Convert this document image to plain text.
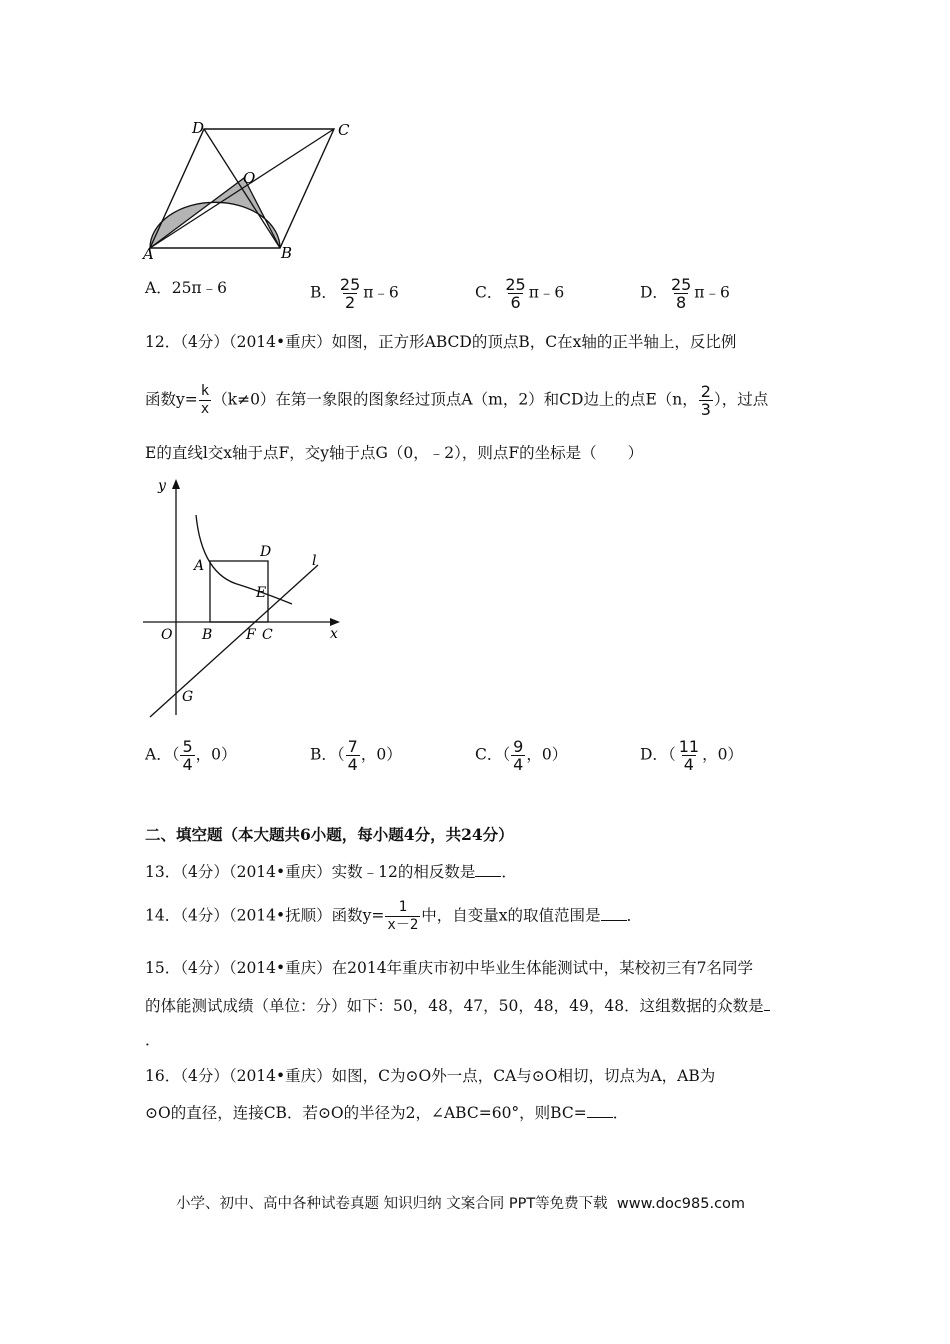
D	C
O
A	B
A．25π﹣6	B． $\frac{25}{2}$ π﹣6	C． $\frac{25}{6}$ π﹣6	D． $\frac{25}{8}$ π﹣6
12．（4分）（2014•重庆）如图，正方形ABCD的顶点B，C在x轴的正半轴上，反比例
函数$y= \frac{k}{x} (k\ne 0)$在第一象限的图象经过顶点A（m，2）和CD边上的点E（n， $\frac{2}{3}$ ），过点
E的直线l交x轴于点F，交y轴于点G（0，﹣2），则点F的坐标是（　　）
y
x
O
A
B
D
E
F C
G
l
A．（ $\frac{5}{4}$ ，0）	B．（ $\frac{7}{4}$ ，0）	C．（ $\frac{9}{4}$ ，0）	D．（ $\frac{11}{4}$ ，0）
二、填空题（本大题共6小题，每小题4分，共24分）
13．（4分）（2014•重庆）实数﹣12的相反数是 ．
14．（4分）（2014•抚顺）函数$y= \frac{1}{x-2}$ 中，自变量x的取值范围是 ．
15．（4分）（2014•重庆）在2014年重庆市初中毕业生体能测试中，某校初三有7名同学
的体能测试成绩（单位：分）如下：50，48，47，50，48，49，48．这组数据的众数是
．
16．（4分）（2014•重庆）如图，C为⊙O外一点，CA与⊙O相切，切点为A，AB为
⊙O的直径，连接CB．若⊙O的半径为2，∠ABC=60°，则BC= ．
小学、初中、高中各种试卷真题 知识归纳 文案合同 PPT等免费下载 www.doc985.com
